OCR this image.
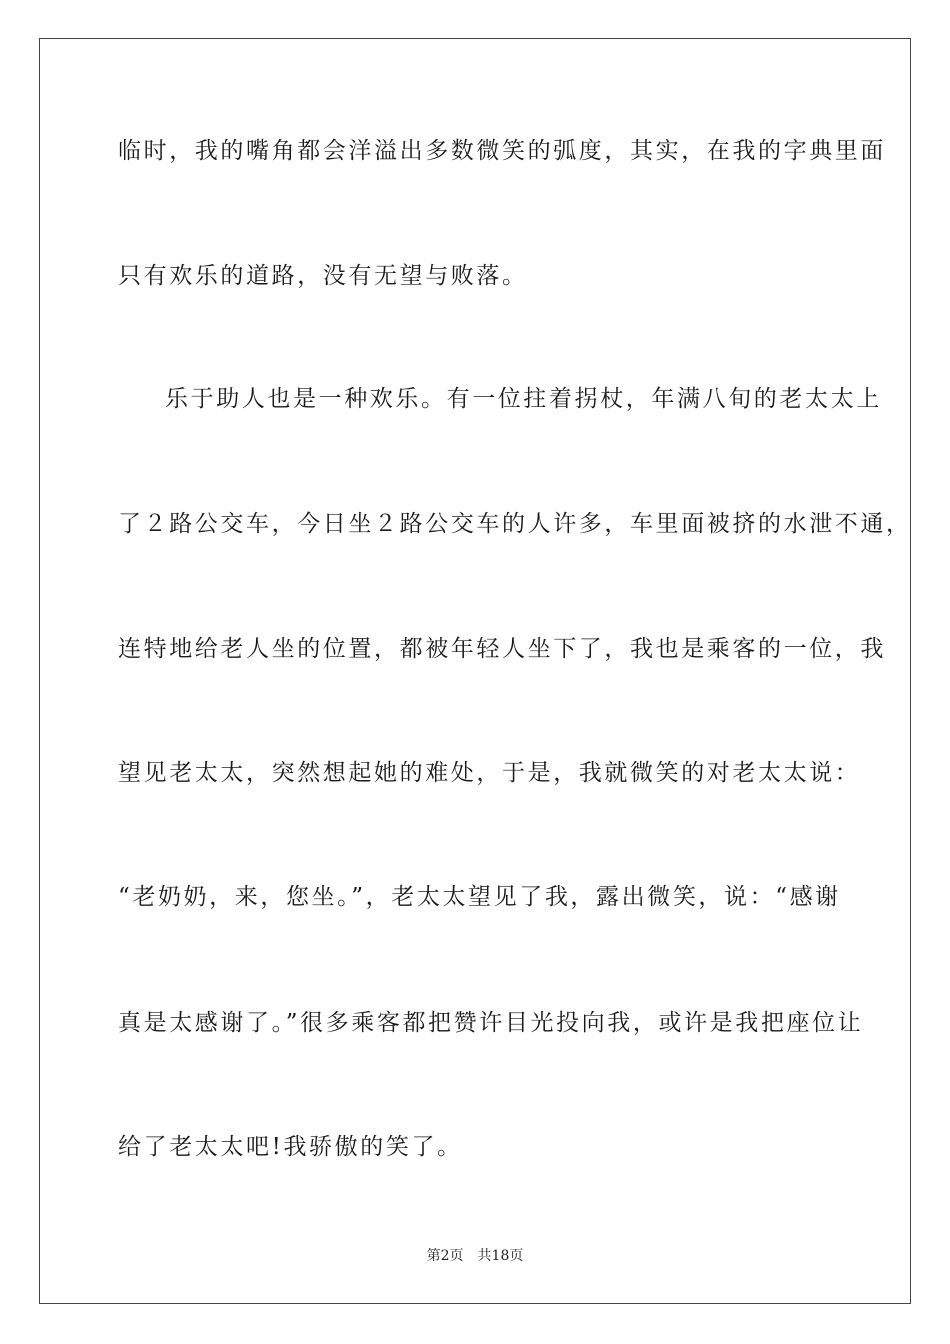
临时，我的嘴角都会洋溢出多数微笑的弧度，其实，在我的字典里面
只有欢乐的道路，没有无望与败落。
乐于助人也是一种欢乐。有一位拄着拐杖，年满八旬的老太太上
了２路公交车，今日坐２路公交车的人许多，车里面被挤的水泄不通，
连特地给老人坐的位置，都被年轻人坐下了，我也是乘客的一位，我
望见老太太，突然想起她的难处，于是，我就微笑的对老太太说：
“老奶奶，来，您坐。”，老太太望见了我，露出微笑，说：“感谢
真是太感谢了。”很多乘客都把赞许目光投向我，或许是我把座位让
给了老太太吧!我骄傲的笑了。
第2页 共18页
